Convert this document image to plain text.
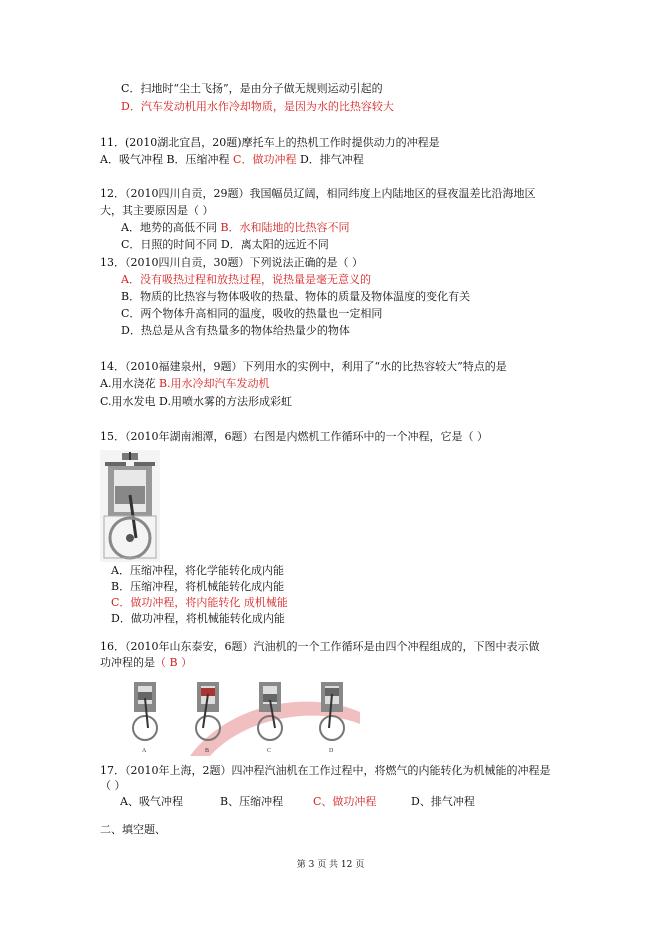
C．扫地时“尘土飞扬”，是由分子做无规则运动引起的
D．汽车发动机用水作冷却物质，是因为水的比热容较大
11．(2010湖北宜昌，20题)摩托车上的热机工作时提供动力的冲程是
A．吸气冲程 B．压缩冲程 C．做功冲程 D．排气冲程
12．（2010四川自贡，29题）我国幅员辽阔，相同纬度上内陆地区的昼夜温差比沿海地区
大，其主要原因是（ ）
A．地势的高低不同 B．水和陆地的比热容不同
C．日照的时间不同 D．离太阳的远近不同
13．（2010四川自贡，30题）下列说法正确的是（ ）
A．没有吸热过程和放热过程，说热量是毫无意义的
B．物质的比热容与物体吸收的热量、物体的质量及物体温度的变化有关
C．两个物体升高相同的温度，吸收的热量也一定相同
D．热总是从含有热量多的物体给热量少的物体
14．（2010福建泉州，9题）下列用水的实例中，利用了“水的比热容较大”特点的是
A.用水浇花 B.用水冷却汽车发动机
C.用水发电 D.用喷水雾的方法形成彩虹
15．（2010年湖南湘潭，6题）右图是内燃机工作循环中的一个冲程，它是（ ）
A．压缩冲程，将化学能转化成内能
B．压缩冲程，将机械能转化成内能
C．做功冲程，将内能转化 成机械能
D．做功冲程，将机械能转化成内能
16．（2010年山东泰安，6题）汽油机的一个工作循环是由四个冲程组成的，下图中表示做
功冲程的是（ B ）
A	B	C	D
17．（2010年上海，2题）四冲程汽油机在工作过程中，将燃气的内能转化为机械能的冲程是
（ ）
A、吸气冲程	B、压缩冲程	C、做功冲程	D、排气冲程
二、填空题、
第 3 页 共 12 页
